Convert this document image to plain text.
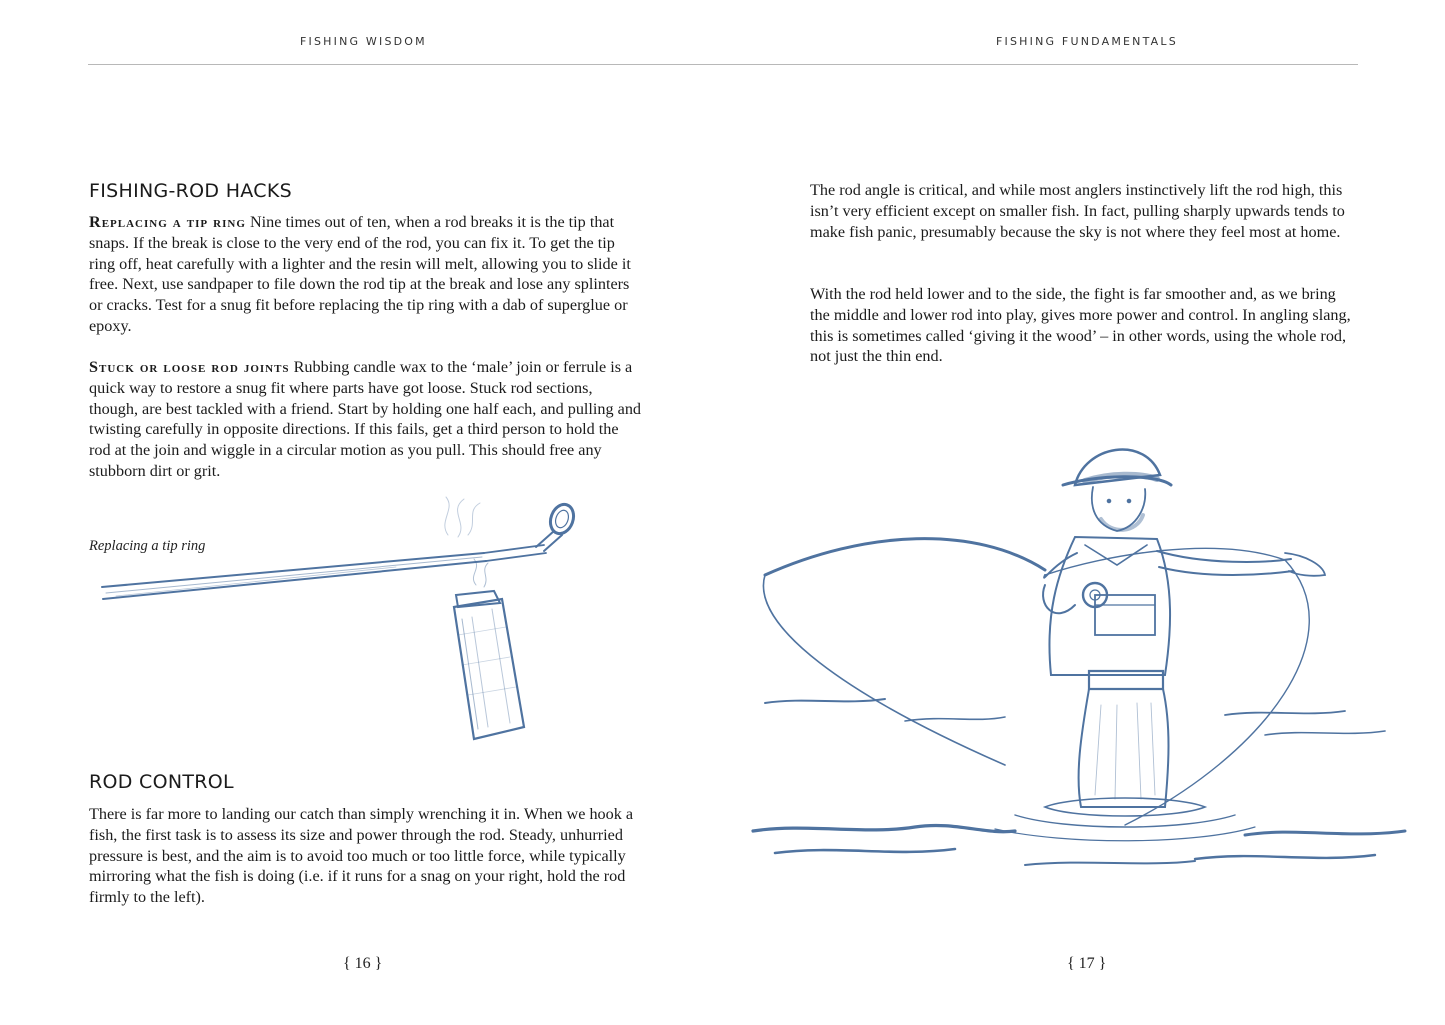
FISHING WISDOM	FISHING FUNDAMENTALS
FISHING-ROD HACKS

Replacing a tip ring Nine times out of ten, when a rod breaks it is the tip that snaps. If the break is close to the very end of the rod, you can fix it. To get the tip ring off, heat carefully with a lighter and the resin will melt, allowing you to slide it free. Next, use sandpaper to file down the rod tip at the break and lose any splinters or cracks. Test for a snug fit before replacing the tip ring with a dab of superglue or epoxy.

Stuck or loose rod joints Rubbing candle wax to the ‘male’ join or ferrule is a quick way to restore a snug fit where parts have got loose. Stuck rod sections, though, are best tackled with a friend. Start by holding one half each, and pulling and twisting carefully in opposite directions. If this fails, get a third person to hold the rod at the join and wiggle in a circular motion as you pull. This should free any stubborn dirt or grit.

Replacing a tip ring

ROD CONTROL

There is far more to landing our catch than simply wrenching it in. When we hook a fish, the first task is to assess its size and power through the rod. Steady, unhurried pressure is best, and the aim is to avoid too much or too little force, while typically mirroring what the fish is doing (i.e. if it runs for a snag on your right, hold the rod firmly to the left).

{ 16 }

The rod angle is critical, and while most anglers instinctively lift the rod high, this isn’t very efficient except on smaller fish. In fact, pulling sharply upwards tends to make fish panic, presumably because the sky is not where they feel most at home.

With the rod held lower and to the side, the fight is far smoother and, as we bring the middle and lower rod into play, gives more power and control. In angling slang, this is sometimes called ‘giving it the wood’ – in other words, using the whole rod, not just the thin end.

{ 17 }
